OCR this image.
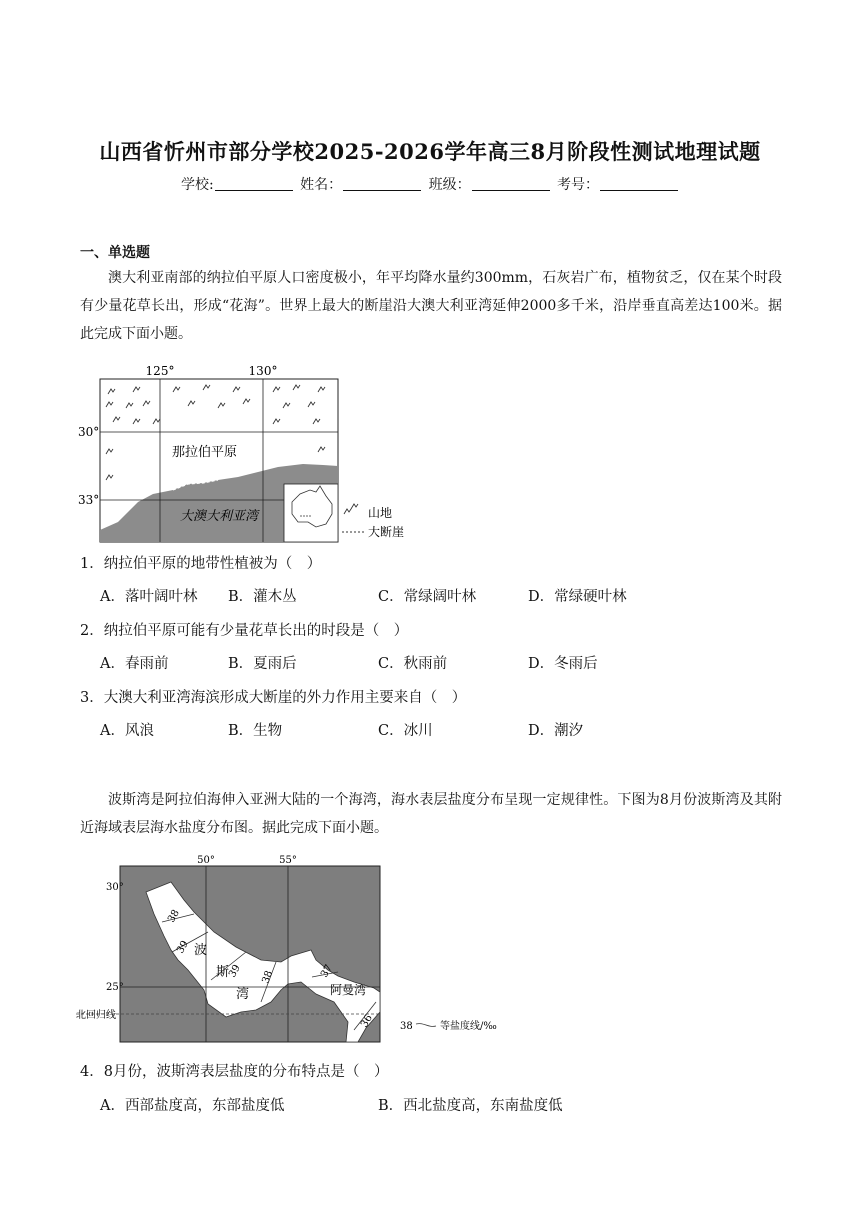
山西省忻州市部分学校2025-2026学年高三8月阶段性测试地理试题
学校:	姓名：	班级：	考号：
一、单选题
澳大利亚南部的纳拉伯平原人口密度极小，年平均降水量约300mm，石灰岩广布，植物贫乏，仅在某个时段有少量花草长出，形成“花海”。世界上最大的断崖沿大澳大利亚湾延伸2000多千米，沿岸垂直高差达100米。据此完成下面小题。
125°	130°
30°
33°
那拉伯平原
大澳大利亚湾	山地
大断崖
1．纳拉伯平原的地带性植被为（　）
A．落叶阔叶林 B．灌木丛	C．常绿阔叶林	D．常绿硬叶林
2．纳拉伯平原可能有少量花草长出的时段是（　）
A．春雨前	B．夏雨后	C．秋雨前	D．冬雨后
3．大澳大利亚湾海滨形成大断崖的外力作用主要来自（　）
A．风浪	B．生物	C．冰川	D．潮汐
波斯湾是阿拉伯海伸入亚洲大陆的一个海湾，海水表层盐度分布呈现一定规律性。下图为8月份波斯湾及其附近海域表层海水盐度分布图。据此完成下面小题。
38
39
39 38	37
36
波
斯
湾	阿曼湾
50°	55°
30°
25°
北回归线
38	等盐度线/‰
4．8月份，波斯湾表层盐度的分布特点是（　）
A．西部盐度高，东部盐度低	B．西北盐度高，东南盐度低
